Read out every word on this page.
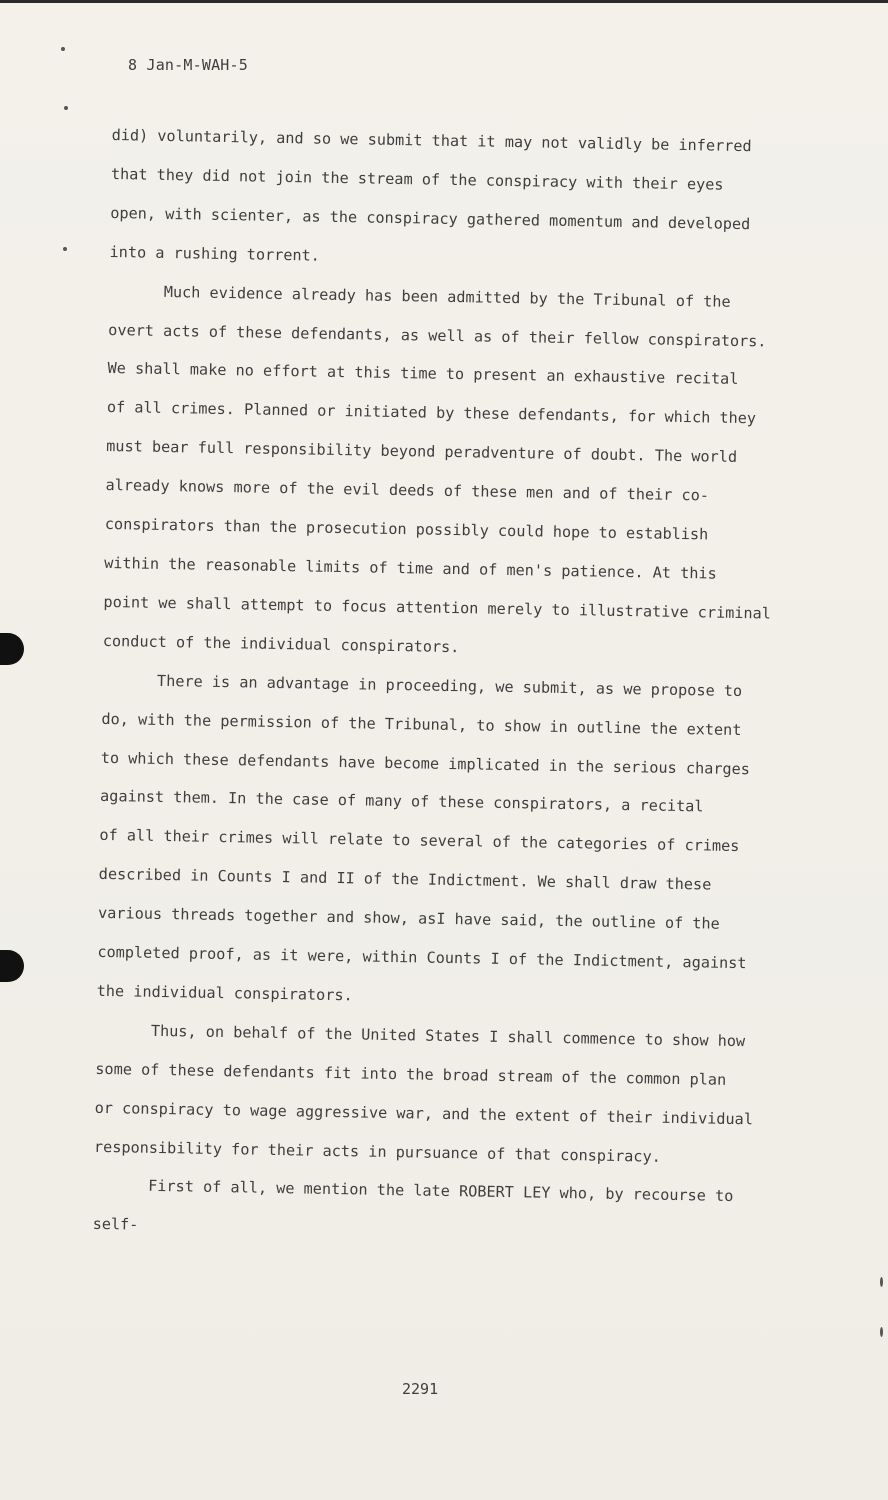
8 Jan-M-WAH-5
did) voluntarily, and so we submit that it may not validly be inferred
that they did not join the stream of the conspiracy with their eyes
open, with scienter, as the conspiracy gathered momentum and developed
into a rushing torrent.
Much evidence already has been admitted by the Tribunal of the
overt acts of these defendants, as well as of their fellow conspirators.
We shall make no effort at this time to present an exhaustive recital
of all crimes. Planned or initiated by these defendants, for which they
must bear full responsibility beyond peradventure of doubt. The world
already knows more of the evil deeds of these men and of their co-
conspirators than the prosecution possibly could hope to establish
within the reasonable limits of time and of men's patience. At this
point we shall attempt to focus attention merely to illustrative criminal
conduct of the individual conspirators.
There is an advantage in proceeding, we submit, as we propose to
do, with the permission of the Tribunal, to show in outline the extent
to which these defendants have become implicated in the serious charges
against them. In the case of many of these conspirators, a recital
of all their crimes will relate to several of the categories of crimes
described in Counts I and II of the Indictment. We shall draw these
various threads together and show, asI have said, the outline of the
completed proof, as it were, within Counts I of the Indictment, against
the individual conspirators.
Thus, on behalf of the United States I shall commence to show how
some of these defendants fit into the broad stream of the common plan
or conspiracy to wage aggressive war, and the extent of their individual
responsibility for their acts in pursuance of that conspiracy.
First of all, we mention the late ROBERT LEY who, by recourse to
self-
2291
